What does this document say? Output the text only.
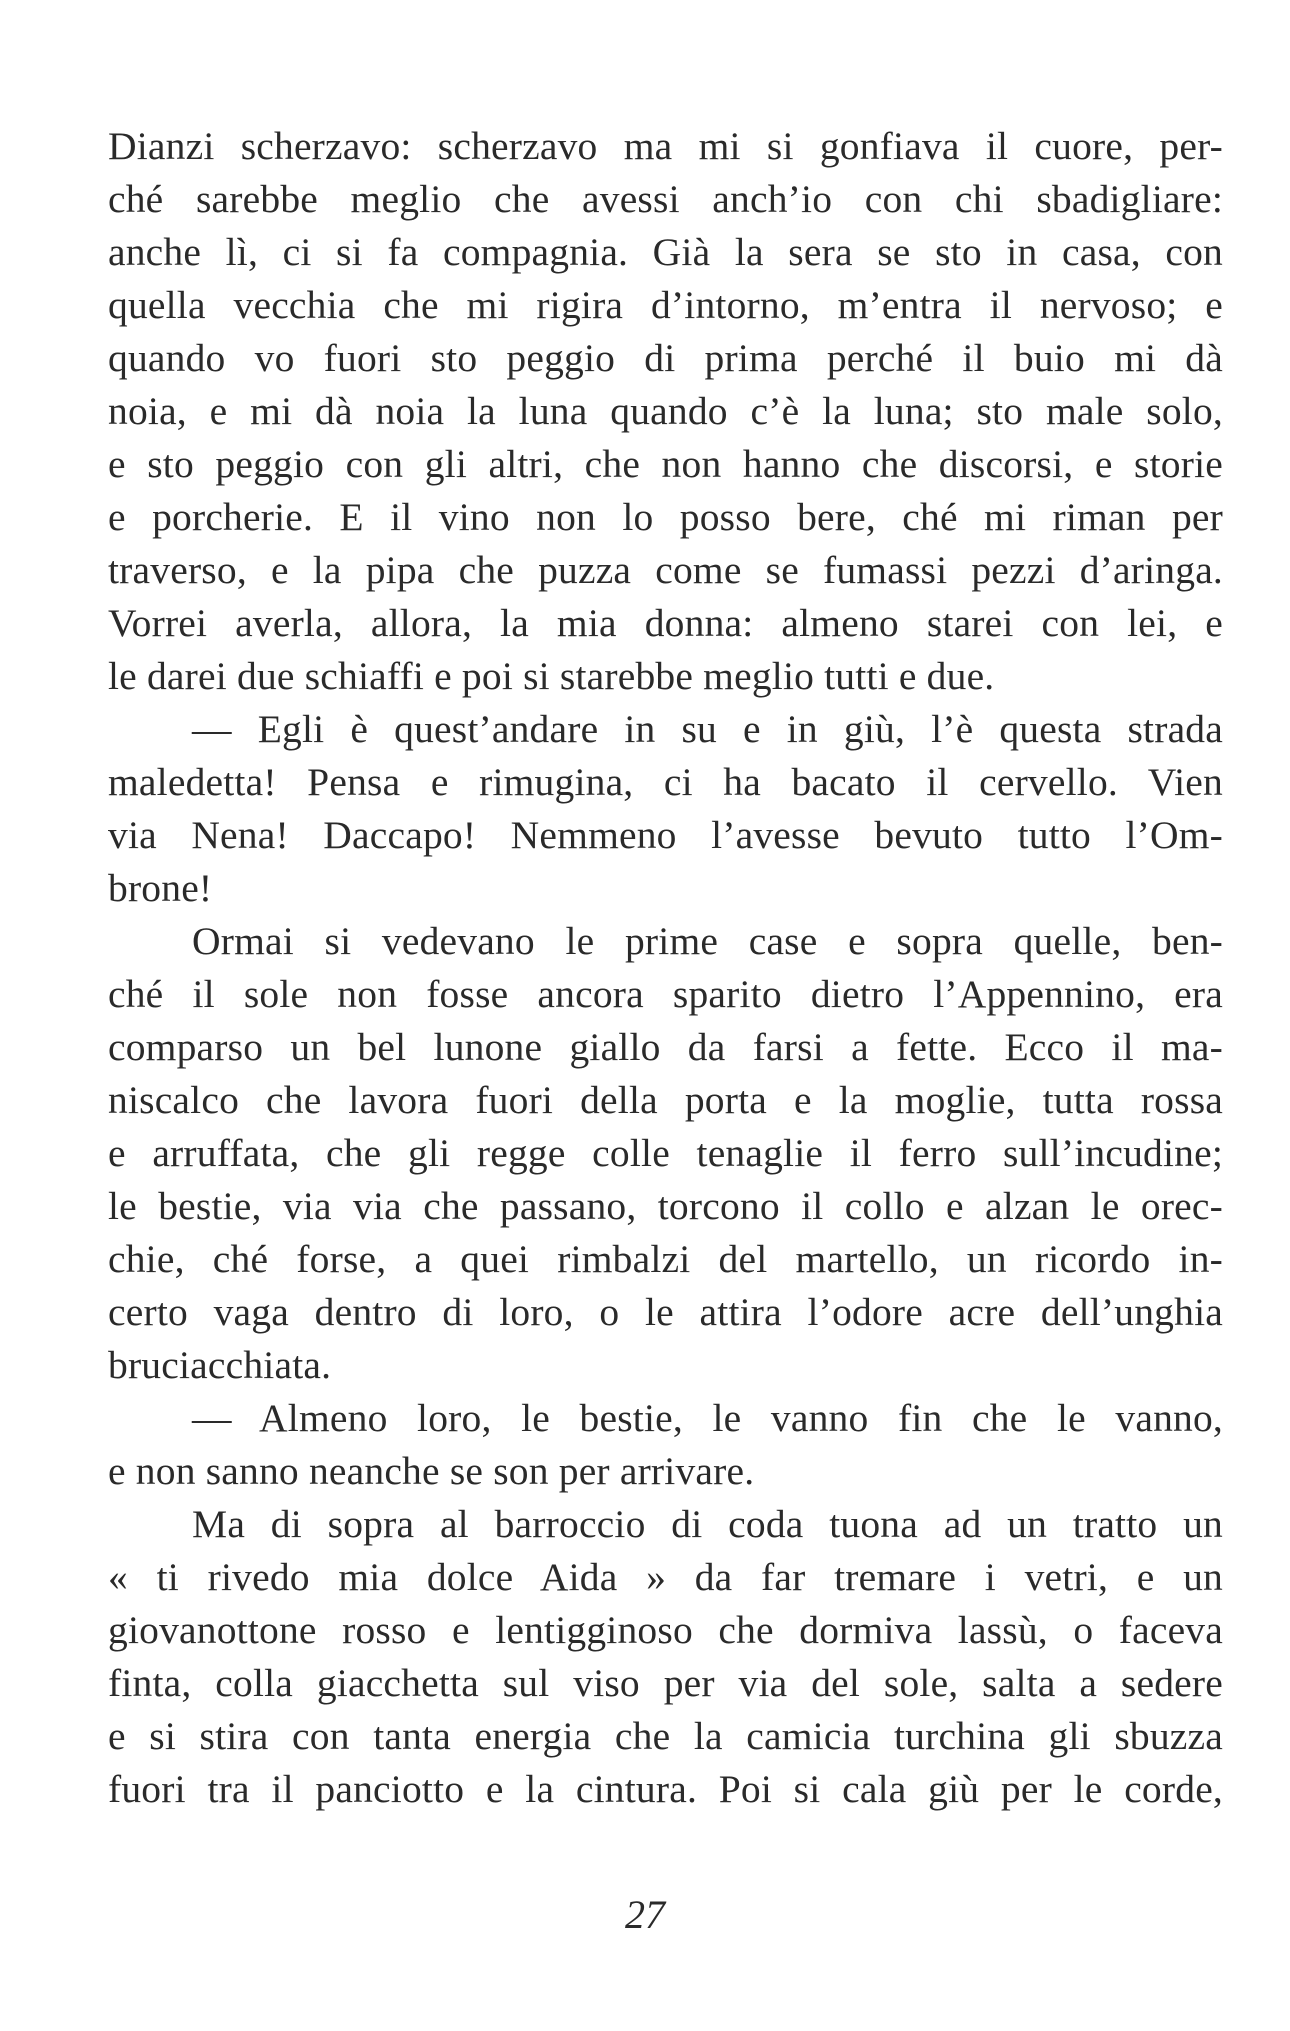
Dianzi scherzavo: scherzavo ma mi si gonfiava il cuore, per-
ché sarebbe meglio che avessi anch’io con chi sbadigliare:
anche lì, ci si fa compagnia. Già la sera se sto in casa, con
quella vecchia che mi rigira d’intorno, m’entra il nervoso; e
quando vo fuori sto peggio di prima perché il buio mi dà
noia, e mi dà noia la luna quando c’è la luna; sto male solo,
e sto peggio con gli altri, che non hanno che discorsi, e storie
e porcherie. E il vino non lo posso bere, ché mi riman per
traverso, e la pipa che puzza come se fumassi pezzi d’aringa.
Vorrei averla, allora, la mia donna: almeno starei con lei, e
le darei due schiaffi e poi si starebbe meglio tutti e due.
— Egli è quest’andare in su e in giù, l’è questa strada
maledetta! Pensa e rimugina, ci ha bacato il cervello. Vien
via Nena! Daccapo! Nemmeno l’avesse bevuto tutto l’Om-
brone!
Ormai si vedevano le prime case e sopra quelle, ben-
ché il sole non fosse ancora sparito dietro l’Appennino, era
comparso un bel lunone giallo da farsi a fette. Ecco il ma-
niscalco che lavora fuori della porta e la moglie, tutta rossa
e arruffata, che gli regge colle tenaglie il ferro sull’incudine;
le bestie, via via che passano, torcono il collo e alzan le orec-
chie, ché forse, a quei rimbalzi del martello, un ricordo in-
certo vaga dentro di loro, o le attira l’odore acre dell’unghia
bruciacchiata.
— Almeno loro, le bestie, le vanno fin che le vanno,
e non sanno neanche se son per arrivare.
Ma di sopra al barroccio di coda tuona ad un tratto un
« ti rivedo mia dolce Aida » da far tremare i vetri, e un
giovanottone rosso e lentigginoso che dormiva lassù, o faceva
finta, colla giacchetta sul viso per via del sole, salta a sedere
e si stira con tanta energia che la camicia turchina gli sbuzza
fuori tra il panciotto e la cintura. Poi si cala giù per le corde,
27
